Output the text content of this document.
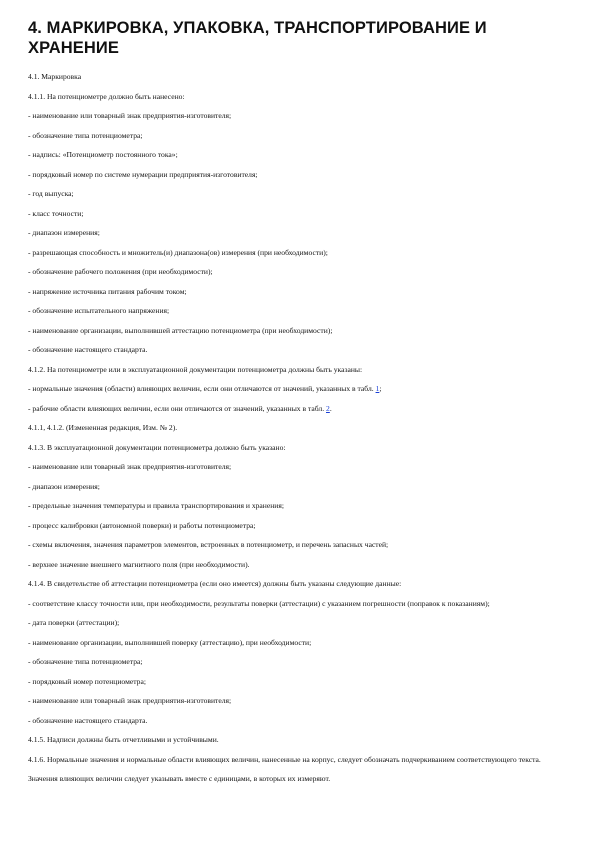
4. МАРКИРОВКА, УПАКОВКА, ТРАНСПОРТИРОВАНИЕ И ХРАНЕНИЕ

4.1. Маркировка

4.1.1. На потенциометре должно быть нанесено:

- наименование или товарный знак предприятия-изготовителя;

- обозначение типа потенциометра;

- надпись: «Потенциометр постоянного тока»;

- порядковый номер по системе нумерации предприятия-изготовителя;

- год выпуска;

- класс точности;

- диапазон измерения;

- разрешающая способность и множитель(и) диапазона(ов) измерения (при необходимости);

- обозначение рабочего положения (при необходимости);

- напряжение источника питания рабочим током;

- обозначение испытательного напряжения;

- наименование организации, выполнившей аттестацию потенциометра (при необходимости);

- обозначение настоящего стандарта.

4.1.2. На потенциометре или в эксплуатационной документации потенциометра должны быть указаны:

- нормальные значения (области) влияющих величин, если они отличаются от значений, указанных в табл. 1;

- рабочие области влияющих величин, если они отличаются от значений, указанных в табл. 2.

4.1.1, 4.1.2. (Измененная редакция, Изм. № 2).

4.1.3. В эксплуатационной документации потенциометра должно быть указано:

- наименование или товарный знак предприятия-изготовителя;

- диапазон измерения;

- предельные значения температуры и правила транспортирования и хранения;

- процесс калибровки (автономной поверки) и работы потенциометра;

- схемы включения, значения параметров элементов, встроенных в потенциометр, и перечень запасных частей;

- верхнее значение внешнего магнитного поля (при необходимости).

4.1.4. В свидетельстве об аттестации потенциометра (если оно имеется) должны быть указаны следующие данные:

- соответствие классу точности или, при необходимости, результаты поверки (аттестации) с указанием погрешности (поправок к показаниям);

- дата поверки (аттестации);

- наименование организации, выполнившей поверку (аттестацию), при необходимости;

- обозначение типа потенциометра;

- порядковый номер потенциометра;

- наименование или товарный знак предприятия-изготовителя;

- обозначение настоящего стандарта.

4.1.5. Надписи должны быть отчетливыми и устойчивыми.

4.1.6. Нормальные значения и нормальные области влияющих величин, нанесенные на корпус, следует обозначать подчеркиванием соответствующего текста.

Значения влияющих величин следует указывать вместе с единицами, в которых их измеряют.
